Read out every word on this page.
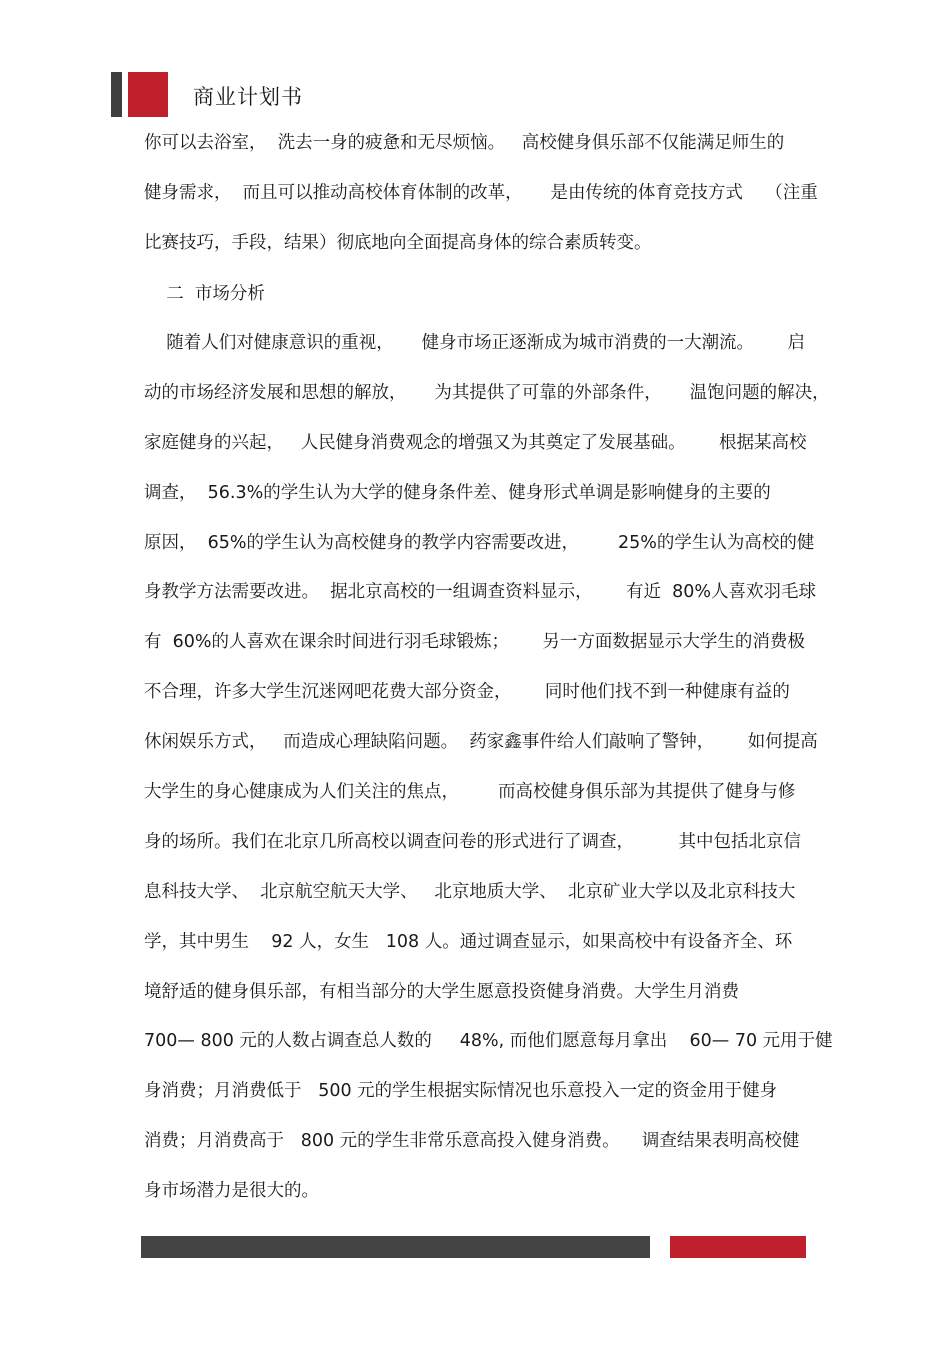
商业计划书
你可以去浴室，  洗去一身的疲惫和无尽烦恼。   高校健身俱乐部不仅能满足师生的
健身需求，  而且可以推动高校体育体制的改革，     是由传统的体育竞技方式    （注重
比赛技巧，手段，结果）彻底地向全面提高身体的综合素质转变。
二  市场分析
随着人们对健康意识的重视，     健身市场正逐渐成为城市消费的一大潮流。      启
动的市场经济发展和思想的解放，     为其提供了可靠的外部条件，     温饱问题的解决，
家庭健身的兴起，   人民健身消费观念的增强又为其奠定了发展基础。      根据某高校
调查，  56.3%的学生认为大学的健身条件差、健身形式单调是影响健身的主要的
原因，  65%的学生认为高校健身的教学内容需要改进，       25%的学生认为高校的健
身教学方法需要改进。  据北京高校的一组调查资料显示，      有近  80%人喜欢羽毛球
有  60%的人喜欢在课余时间进行羽毛球锻炼；      另一方面数据显示大学生的消费极
不合理，许多大学生沉迷网吧花费大部分资金，      同时他们找不到一种健康有益的
休闲娱乐方式，   而造成心理缺陷问题。  药家鑫事件给人们敲响了警钟，      如何提高
大学生的身心健康成为人们关注的焦点，       而高校健身俱乐部为其提供了健身与修
身的场所。我们在北京几所高校以调查问卷的形式进行了调查，        其中包括北京信
息科技大学、  北京航空航天大学、   北京地质大学、  北京矿业大学以及北京科技大
学，其中男生    92 人，女生   108 人。通过调查显示，如果高校中有设备齐全、环
境舒适的健身俱乐部，有相当部分的大学生愿意投资健身消费。大学生月消费
700— 800 元的人数占调查总人数的     48%, 而他们愿意每月拿出    60— 70 元用于健
身消费；月消费低于   500 元的学生根据实际情况也乐意投入一定的资金用于健身
消费；月消费高于   800 元的学生非常乐意高投入健身消费。    调查结果表明高校健
身市场潜力是很大的。
